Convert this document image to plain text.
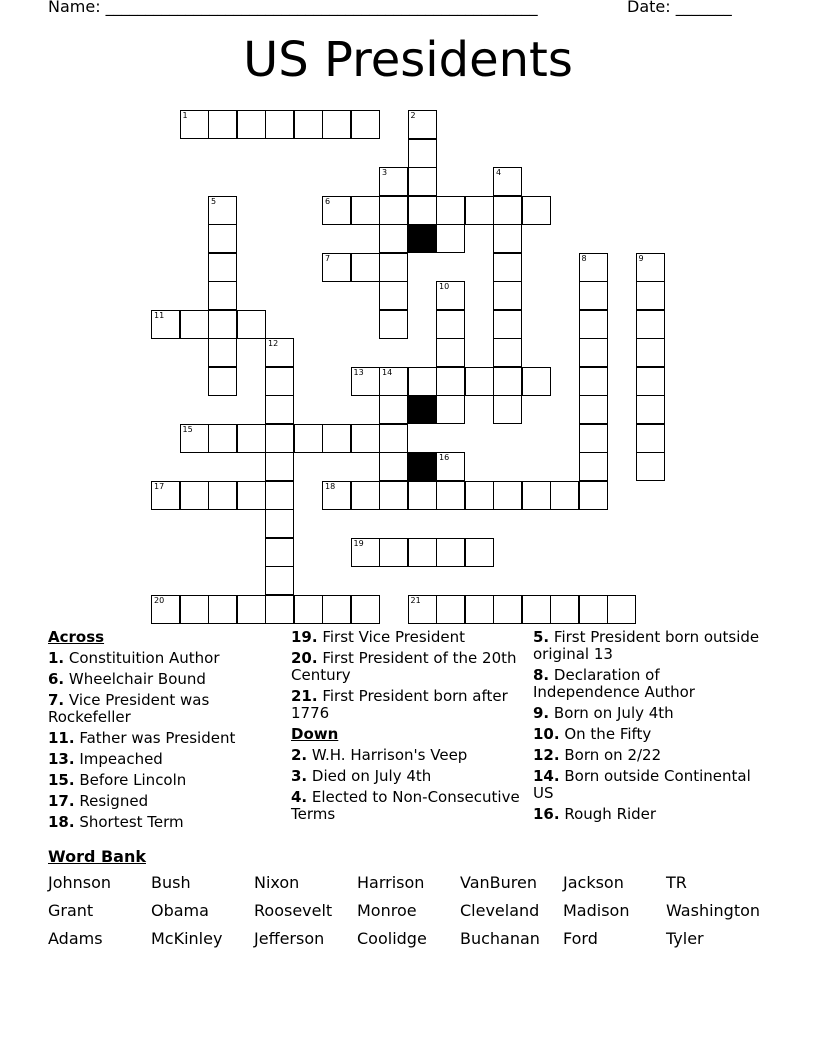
Name: ______________________________________________________	Date: _______
US Presidents
1	2
3	4
5	6
7	8	9
10
11
12
13 14
15
16
17	18
19
20	21
Across
1. Constituition Author
6. Wheelchair Bound
7. Vice President was Rockefeller
11. Father was President
13. Impeached
15. Before Lincoln
17. Resigned
18. Shortest Term
19. First Vice President
20. First President of the 20th Century
21. First President born after 1776
Down
2. W.H. Harrison's Veep
3. Died on July 4th
4. Elected to Non-Consecutive Terms
5. First President born outside original 13
8. Declaration of Independence Author
9. Born on July 4th
10. On the Fifty
12. Born on 2/22
14. Born outside Continental US
16. Rough Rider
Word Bank
Johnson	Bush	Nixon	Harrison	VanBuren	Jackson	TR
Grant	Obama	Roosevelt	Monroe	Cleveland	Madison	Washington
Adams	McKinley	Jefferson	Coolidge	Buchanan	Ford	Tyler
